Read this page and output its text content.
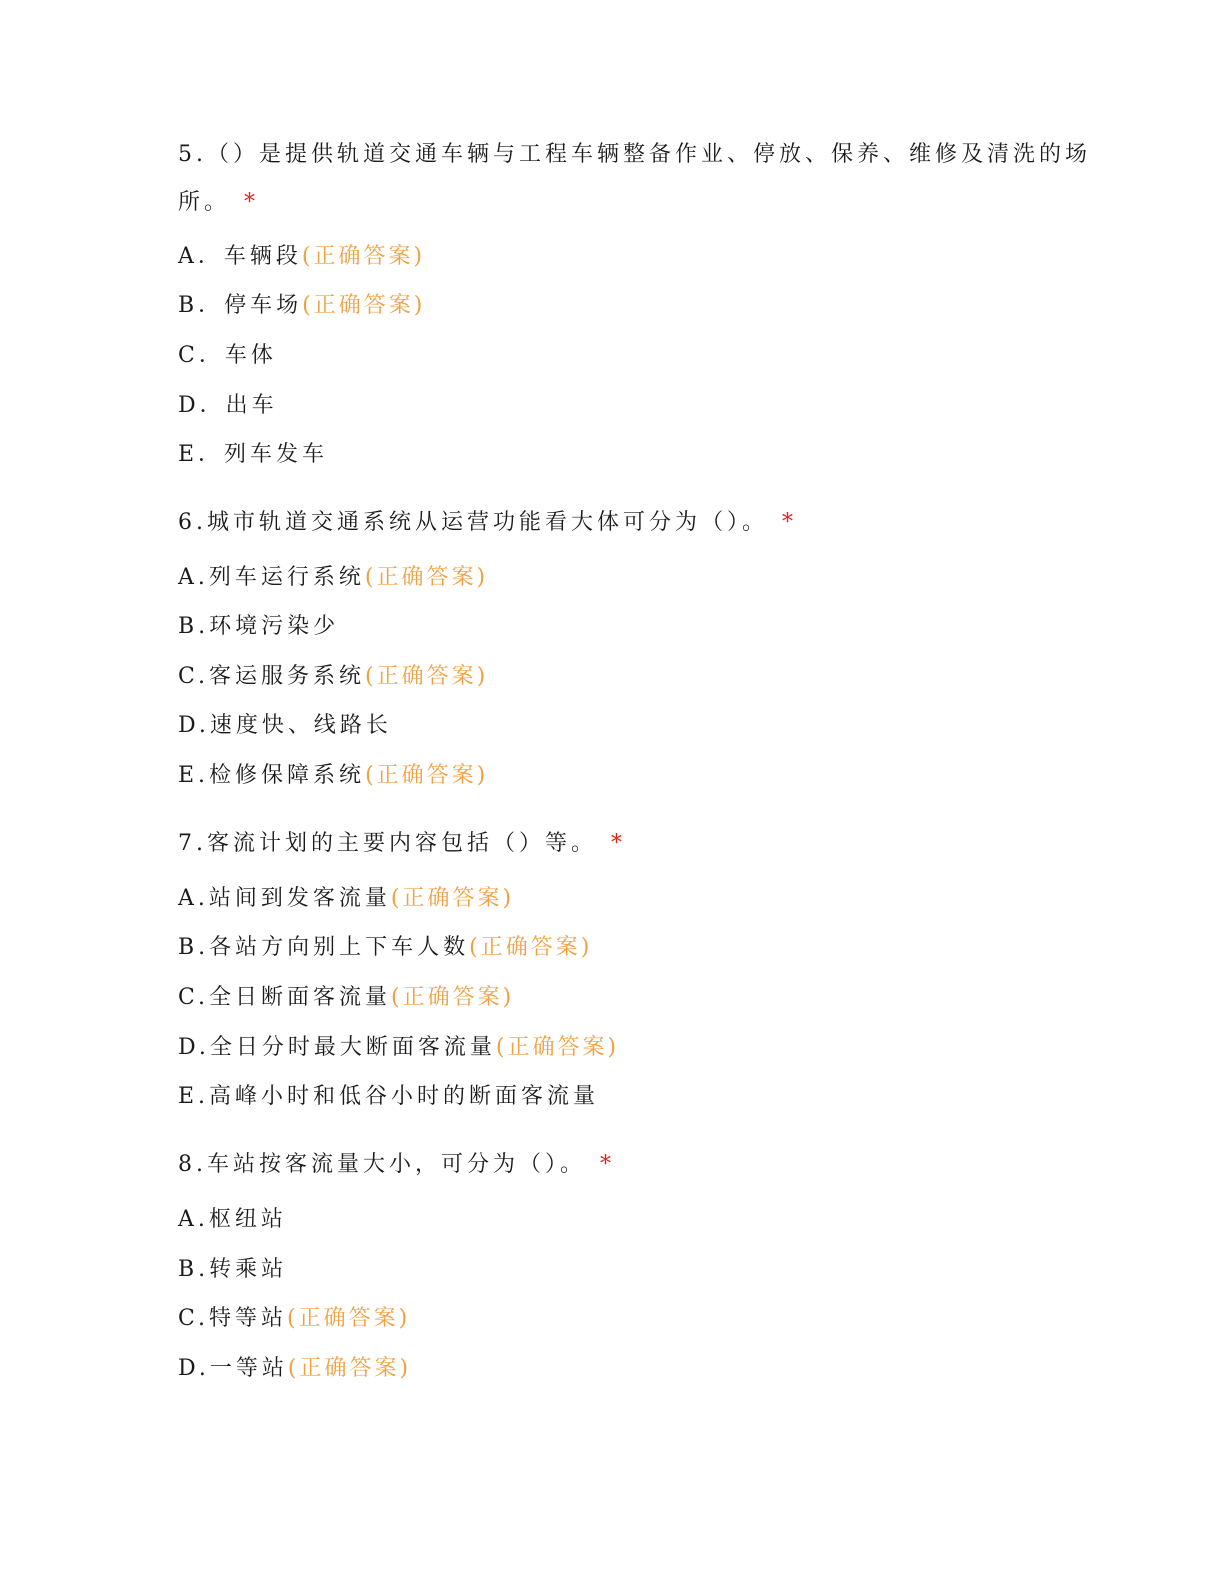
5.（）是提供轨道交通车辆与工程车辆整备作业、停放、保养、维修及清洗的场
所。 *
A．车辆段(正确答案)
B．停车场(正确答案)
C．车体
D．出车
E．列车发车
6.城市轨道交通系统从运营功能看大体可分为（）。 *
A.列车运行系统(正确答案)
B.环境污染少
C.客运服务系统(正确答案)
D.速度快、线路长
E.检修保障系统(正确答案)
7.客流计划的主要内容包括（）等。 *
A.站间到发客流量(正确答案)
B.各站方向别上下车人数(正确答案)
C.全日断面客流量(正确答案)
D.全日分时最大断面客流量(正确答案)
E.高峰小时和低谷小时的断面客流量
8.车站按客流量大小，可分为（）。 *
A.枢纽站
B.转乘站
C.特等站(正确答案)
D.一等站(正确答案)
